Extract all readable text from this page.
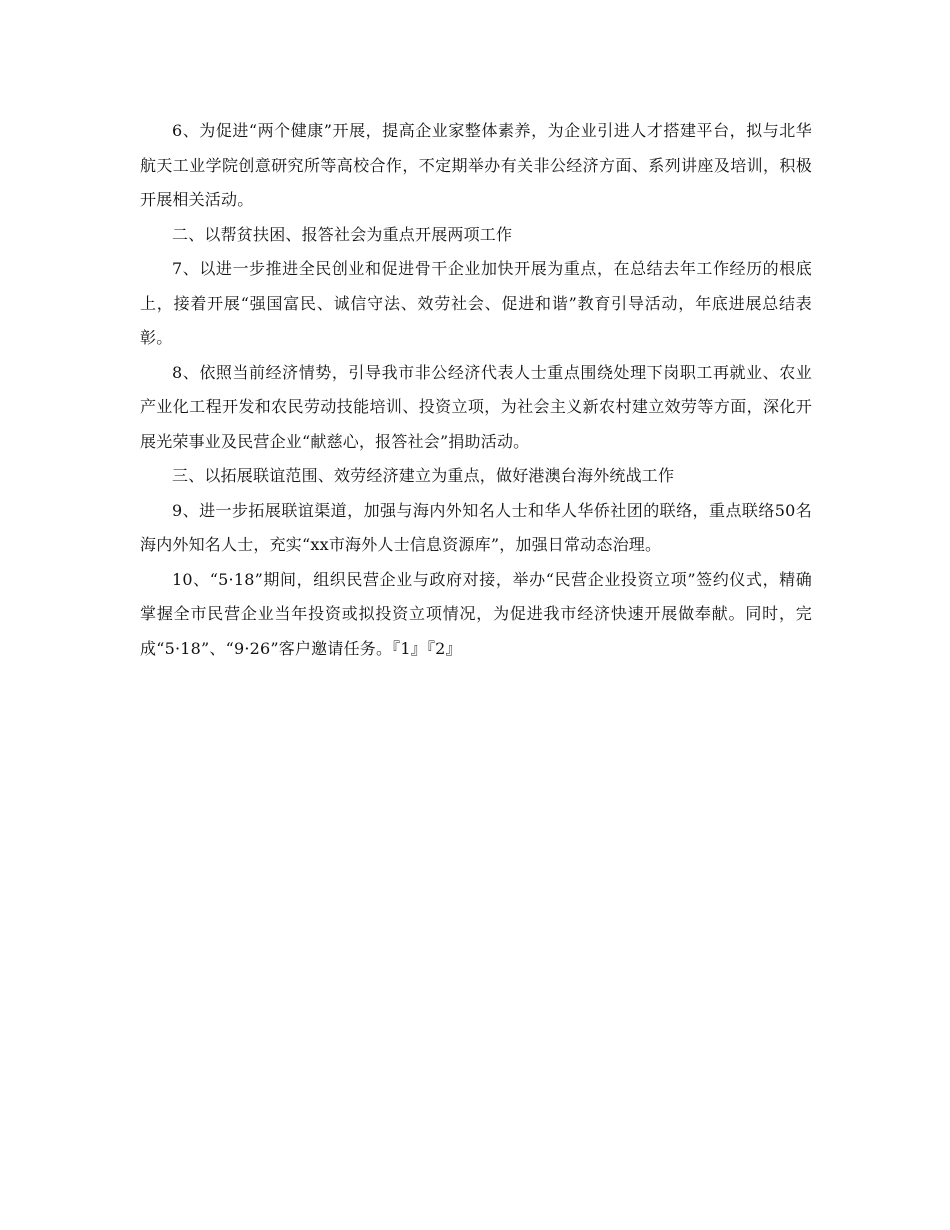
6、为促进“两个健康”开展，提高企业家整体素养，为企业引进人才搭建平台，拟与北华航天工业学院创意研究所等高校合作，不定期举办有关非公经济方面、系列讲座及培训，积极开展相关活动。

二、以帮贫扶困、报答社会为重点开展两项工作

7、以进一步推进全民创业和促进骨干企业加快开展为重点，在总结去年工作经历的根底上，接着开展“强国富民、诚信守法、效劳社会、促进和谐”教育引导活动，年底进展总结表彰。

8、依照当前经济情势，引导我市非公经济代表人士重点围绕处理下岗职工再就业、农业产业化工程开发和农民劳动技能培训、投资立项，为社会主义新农村建立效劳等方面，深化开展光荣事业及民营企业“献慈心，报答社会”捐助活动。

三、以拓展联谊范围、效劳经济建立为重点，做好港澳台海外统战工作

9、进一步拓展联谊渠道，加强与海内外知名人士和华人华侨社团的联络，重点联络50名海内外知名人士，充实“xx市海外人士信息资源库”，加强日常动态治理。

10、“5·18”期间，组织民营企业与政府对接，举办“民营企业投资立项”签约仪式，精确掌握全市民营企业当年投资或拟投资立项情况，为促进我市经济快速开展做奉献。同时，完成“5·18”、“9·26”客户邀请任务。『1』『2』
